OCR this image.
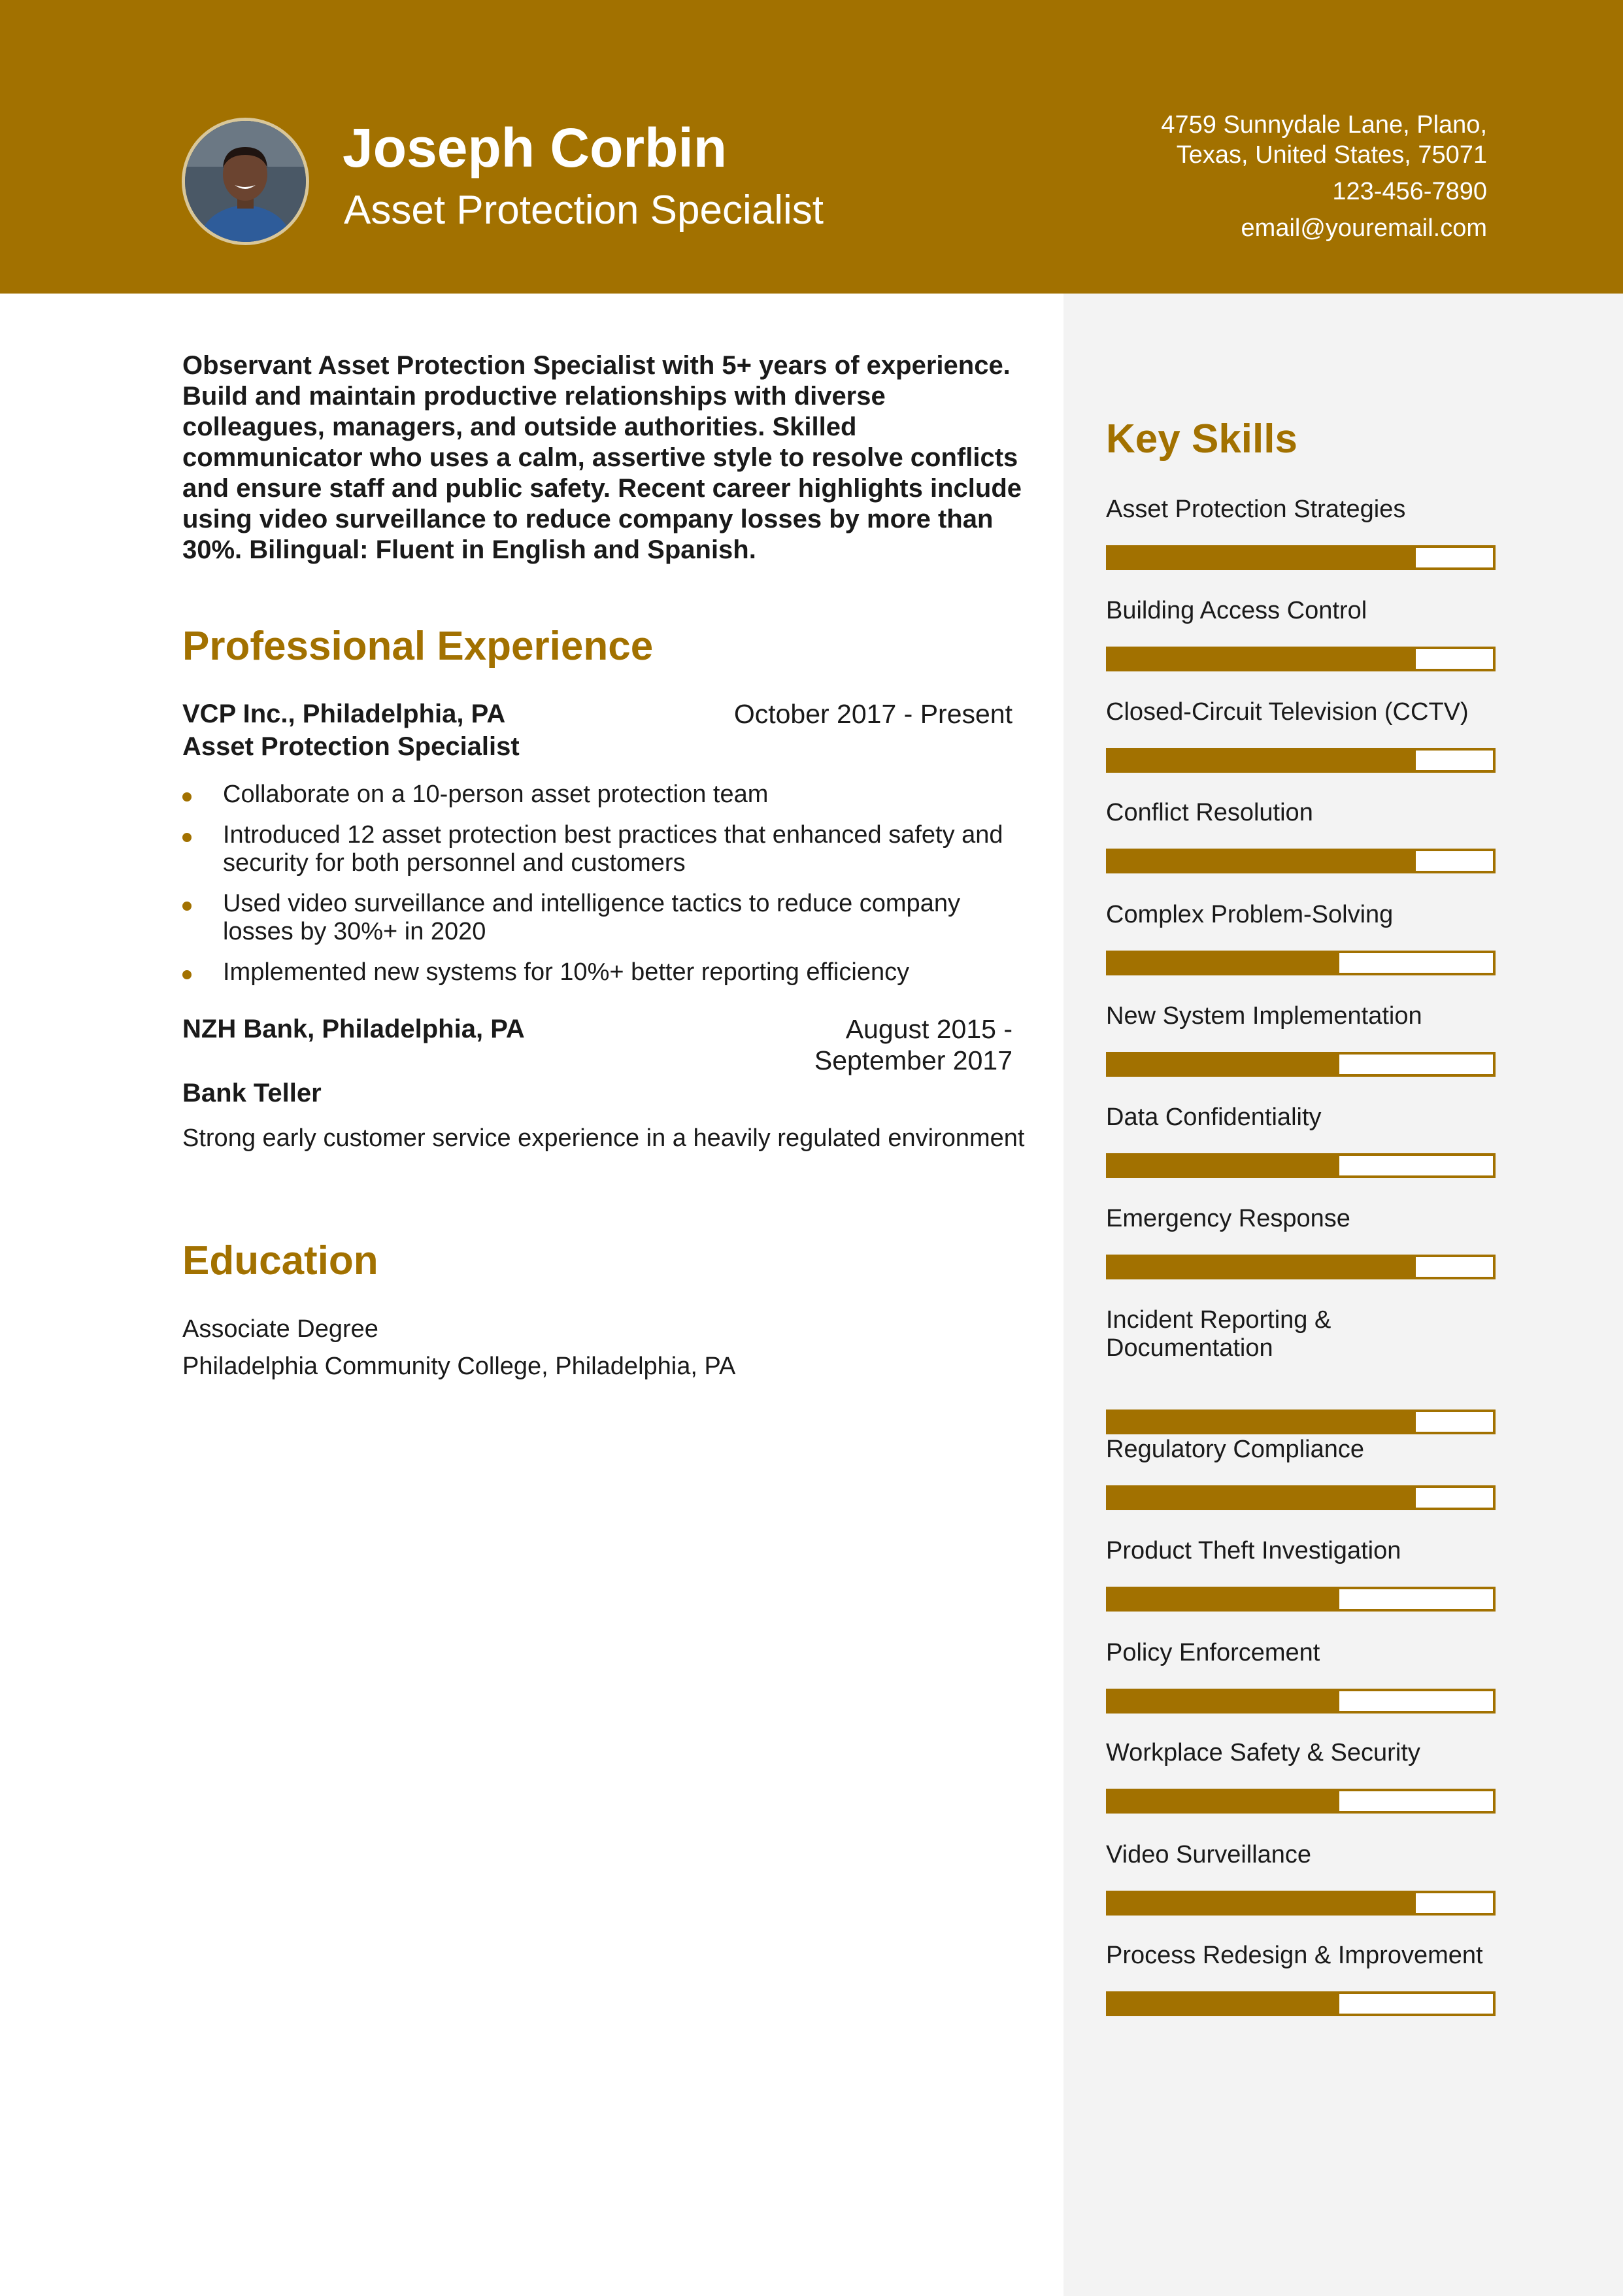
Joseph Corbin
Asset Protection Specialist
4759 Sunnydale Lane, Plano,
Texas, United States, 75071
123-456-7890
email@youremail.com
Observant Asset Protection Specialist with 5+ years of experience. Build and maintain productive relationships with diverse colleagues, managers, and outside authorities. Skilled communicator who uses a calm, assertive style to resolve conflicts and ensure staff and public safety. Recent career highlights include using video surveillance to reduce company losses by more than 30%. Bilingual: Fluent in English and Spanish.
Professional Experience
VCP Inc., Philadelphia, PA	October 2017 - Present
Asset Protection Specialist
Collaborate on a 10-person asset protection team
Introduced 12 asset protection best practices that enhanced safety and security for both personnel and customers
Used video surveillance and intelligence tactics to reduce company losses by 30%+ in 2020
Implemented new systems for 10%+ better reporting efficiency
NZH Bank, Philadelphia, PA	August 2015 -
September 2017
Bank Teller
Strong early customer service experience in a heavily regulated environment
Education
Associate Degree
Philadelphia Community College, Philadelphia, PA
Key Skills
Asset Protection Strategies
Building Access Control
Closed-Circuit Television (CCTV)
Conflict Resolution
Complex Problem-Solving
New System Implementation
Data Confidentiality
Emergency Response
Incident Reporting & Documentation
Regulatory Compliance
Product Theft Investigation
Policy Enforcement
Workplace Safety & Security
Video Surveillance
Process Redesign & Improvement
